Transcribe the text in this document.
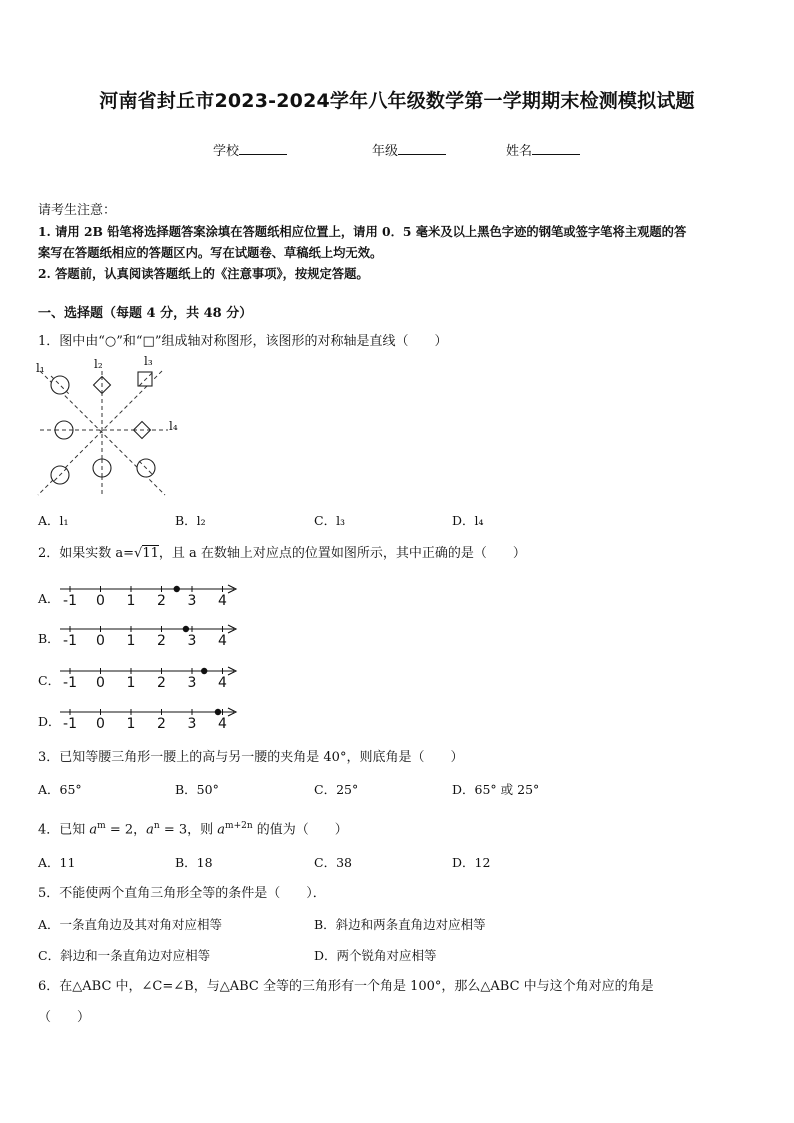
河南省封丘市2023-2024学年八年级数学第一学期期末检测模拟试题
学校	年级	姓名
请考生注意：
1. 请用 2B 铅笔将选择题答案涂填在答题纸相应位置上，请用 0．5 毫米及以上黑色字迹的钢笔或签字笔将主观题的答
案写在答题纸相应的答题区内。写在试题卷、草稿纸上均无效。
2. 答题前，认真阅读答题纸上的《注意事项》，按规定答题。
一、选择题（每题 4 分，共 48 分）
1．图中由“○”和“□”组成轴对称图形，该图形的对称轴是直线（　　）
l₁	l₂	l₃
l₄
A．l₁	B．l₂	C．l₃	D．l₄
2．如果实数 a=√11，且 a 在数轴上对应点的位置如图所示，其中正确的是（　　）
A．
B．
C．
D．
-1 0 1 2 3 4
-1 0 1 2 3 4
-1 0 1 2 3 4
-1 0 1 2 3 4
3．已知等腰三角形一腰上的高与另一腰的夹角是 40°，则底角是（　　）
A．65°	B．50°	C．25°	D．65° 或 25°
4．已知 $a^m = 2$，$a^n = 3$，则 $a^{m+2n}$ 的值为（　　）
A．11	B．18	C．38	D．12
5．不能使两个直角三角形全等的条件是（　　）．
A．一条直角边及其对角对应相等	B．斜边和两条直角边对应相等
C．斜边和一条直角边对应相等	D．两个锐角对应相等
6．在△ABC 中，∠C=∠B，与△ABC 全等的三角形有一个角是 100°，那么△ABC 中与这个角对应的角是
（　　）
